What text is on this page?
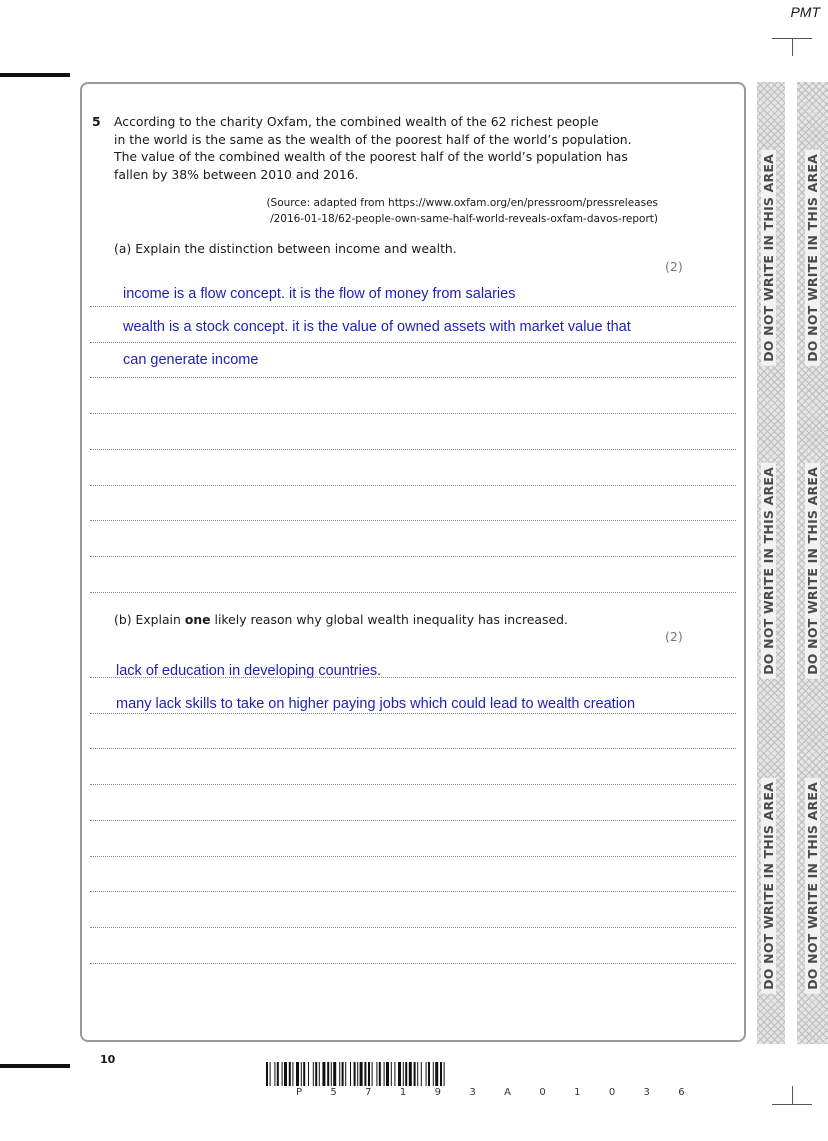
PMT
DO NOT WRITE IN THIS AREA
DO NOT WRITE IN THIS AREA
DO NOT WRITE IN THIS AREA
DO NOT WRITE IN THIS AREA
DO NOT WRITE IN THIS AREA
DO NOT WRITE IN THIS AREA
5 According to the charity Oxfam, the combined wealth of the 62 richest people
in the world is the same as the wealth of the poorest half of the world’s population.
The value of the combined wealth of the poorest half of the world’s population has
fallen by 38% between 2010 and 2016.
(Source: adapted from https://www.oxfam.org/en/pressroom/pressreleases
/2016-01-18/62-people-own-same-half-world-reveals-oxfam-davos-report)
(a) Explain the distinction between income and wealth.
(2)
income is a flow concept. it is the flow of money from salaries
wealth is a stock concept. it is the value of owned assets with market value that
can generate income
(b) Explain one likely reason why global wealth inequality has increased.
(2)
lack of education in developing countries.
many lack skills to take on higher paying jobs which could lead to wealth creation
10
P 5 7 1 9 3 A 0 1 0 3 6
